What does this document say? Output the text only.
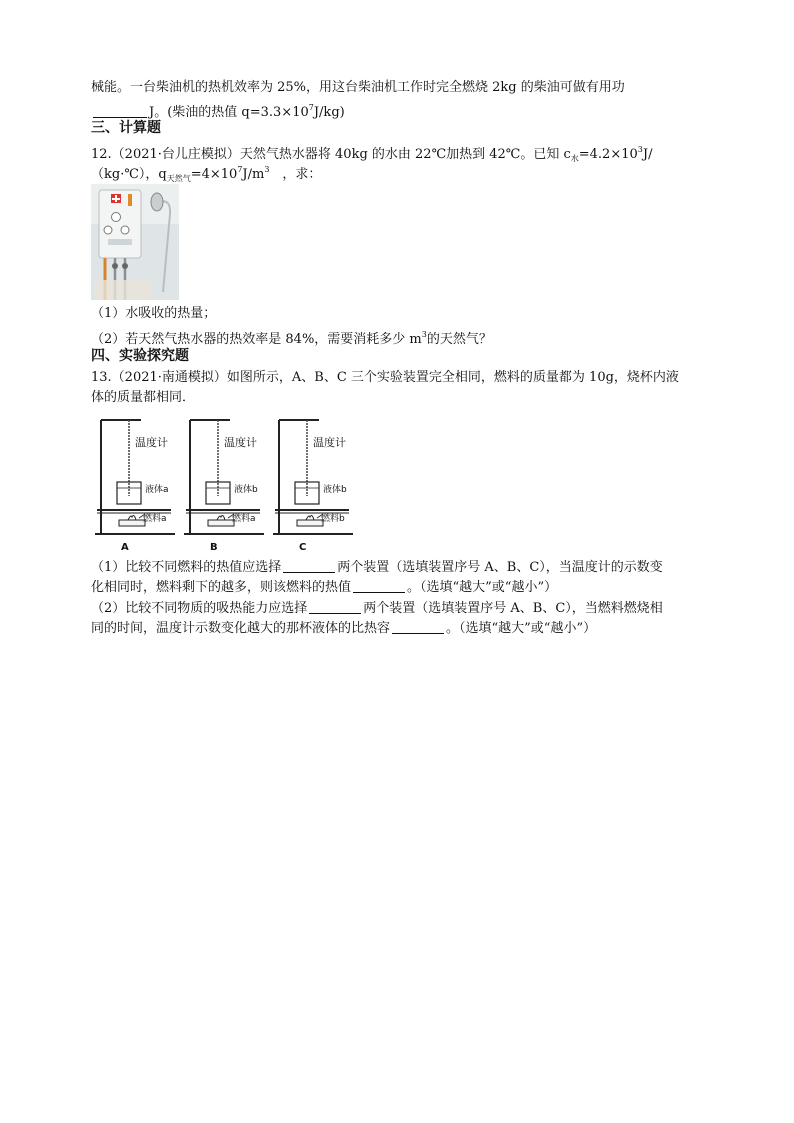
械能。一台柴油机的热机效率为 25%，用这台柴油机工作时完全燃烧 2kg 的柴油可做有用功
J。(柴油的热值 $q=3.3\times 10^7J/kg$)
三、计算题
12.（2021·台儿庄模拟）天然气热水器将 40kg 的水由 22℃加热到 42℃。已知 $c_水=4.2\times 10^3J/$
（kg·℃），$q_{天然气}=4\times 10^7J/m^3$　，求：
（1）水吸收的热量；
（2）若天然气热水器的热效率是 84%，需要消耗多少 $m^3$的天然气？
四、实验探究题
13.（2021·南通模拟）如图所示，A、B、C 三个实验装置完全相同，燃料的质量都为 10g，烧杯内液
体的质量都相同．
温度计
液体a
燃料a
A
温度计
液体b
燃料a
B
温度计
液体b
燃料b
C
（1）比较不同燃料的热值应选择	两个装置（选填装置序号 A、B、C），当温度计的示数变
化相同时，燃料剩下的越多，则该燃料的热值	。（选填“越大”或“越小”）
（2）比较不同物质的吸热能力应选择	两个装置（选填装置序号 A、B、C），当燃料燃烧相
同的时间，温度计示数变化越大的那杯液体的比热容	。（选填“越大”或“越小”）
